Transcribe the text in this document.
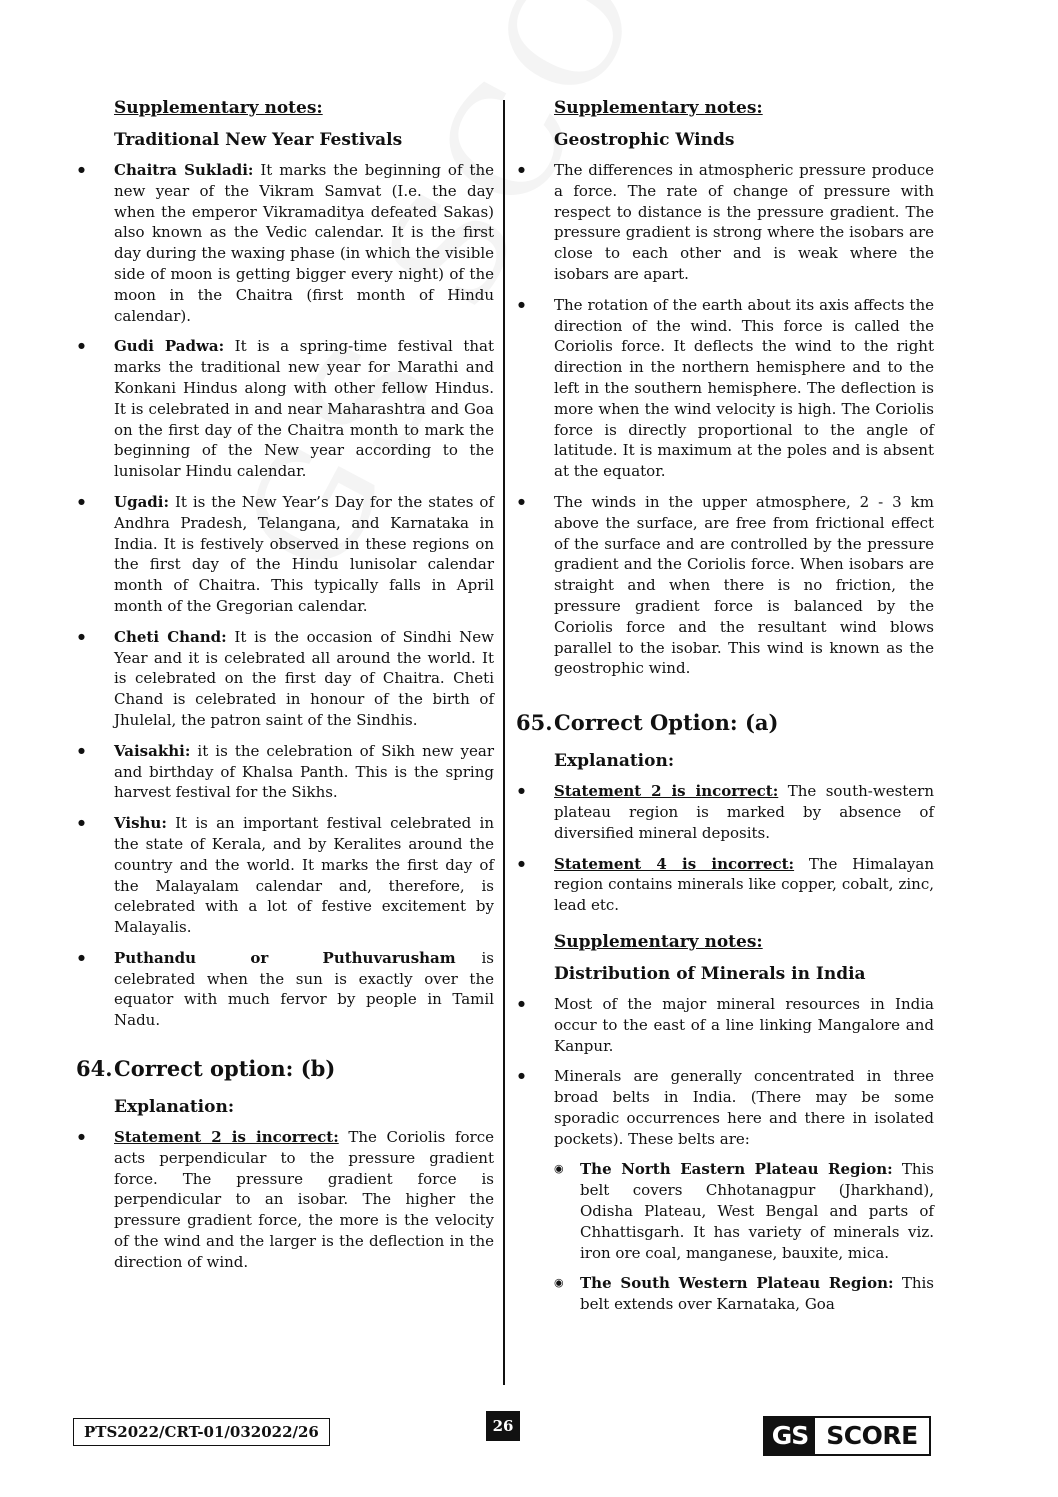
Supplementary notes:
Traditional New Year Festivals
● Chaitra Sukladi: It marks the beginning of the new year of the Vikram Samvat (I.e. the day when the emperor Vikramaditya defeated Sakas) also known as the Vedic calendar. It is the first day during the waxing phase (in which the visible side of moon is getting bigger every night) of the moon in the Chaitra (first month of Hindu calendar).
● Gudi Padwa: It is a spring-time festival that marks the traditional new year for Marathi and Konkani Hindus along with other fellow Hindus. It is celebrated in and near Maharashtra and Goa on the first day of the Chaitra month to mark the beginning of the New year according to the lunisolar Hindu calendar.
● Ugadi: It is the New Year’s Day for the states of Andhra Pradesh, Telangana, and Karnataka in India. It is festively observed in these regions on the first day of the Hindu lunisolar calendar month of Chaitra. This typically falls in April month of the Gregorian calendar.
● Cheti Chand: It is the occasion of Sindhi New Year and it is celebrated all around the world. It is celebrated on the first day of Chaitra. Cheti Chand is celebrated in honour of the birth of Jhulelal, the patron saint of the Sindhis.
● Vaisakhi: it is the celebration of Sikh new year and birthday of Khalsa Panth. This is the spring harvest festival for the Sikhs.
● Vishu: It is an important festival celebrated in the state of Kerala, and by Keralites around the country and the world. It marks the first day of the Malayalam calendar and, therefore, is celebrated with a lot of festive excitement by Malayalis.
● Puthandu or Puthuvarusham is celebrated when the sun is exactly over the equator with much fervor by people in Tamil Nadu.
64.Correct option: (b)
Explanation:
● Statement 2 is incorrect: The Coriolis force acts perpendicular to the pressure gradient force. The pressure gradient force is perpendicular to an isobar. The higher the pressure gradient force, the more is the velocity of the wind and the larger is the deflection in the direction of wind.
Supplementary notes:
Geostrophic Winds
● The differences in atmospheric pressure produce a force. The rate of change of pressure with respect to distance is the pressure gradient. The pressure gradient is strong where the isobars are close to each other and is weak where the isobars are apart.
● The rotation of the earth about its axis affects the direction of the wind. This force is called the Coriolis force. It deflects the wind to the right direction in the northern hemisphere and to the left in the southern hemisphere. The deflection is more when the wind velocity is high. The Coriolis force is directly proportional to the angle of latitude. It is maximum at the poles and is absent at the equator.
● The winds in the upper atmosphere, 2 - 3 km above the surface, are free from frictional effect of the surface and are controlled by the pressure gradient and the Coriolis force. When isobars are straight and when there is no friction, the pressure gradient force is balanced by the Coriolis force and the resultant wind blows parallel to the isobar. This wind is known as the geostrophic wind.
65.Correct Option: (a)
Explanation:
● Statement 2 is incorrect: The south-western plateau region is marked by absence of diversified mineral deposits.
● Statement 4 is incorrect: The Himalayan region contains minerals like copper, cobalt, zinc, lead etc.
Supplementary notes:
Distribution of Minerals in India
● Most of the major mineral resources in India occur to the east of a line linking Mangalore and Kanpur.
● Minerals are generally concentrated in three broad belts in India. (There may be some sporadic occurrences here and there in isolated pockets). These belts are:
◉ The North Eastern Plateau Region: This belt covers Chhotanagpur (Jharkhand), Odisha Plateau, West Bengal and parts of Chhattisgarh. It has variety of minerals viz. iron ore coal, manganese, bauxite, mica.
◉ The South Western Plateau Region: This belt extends over Karnataka, Goa
PTS2022/CRT-01/032022/26	26	GS SCORE
